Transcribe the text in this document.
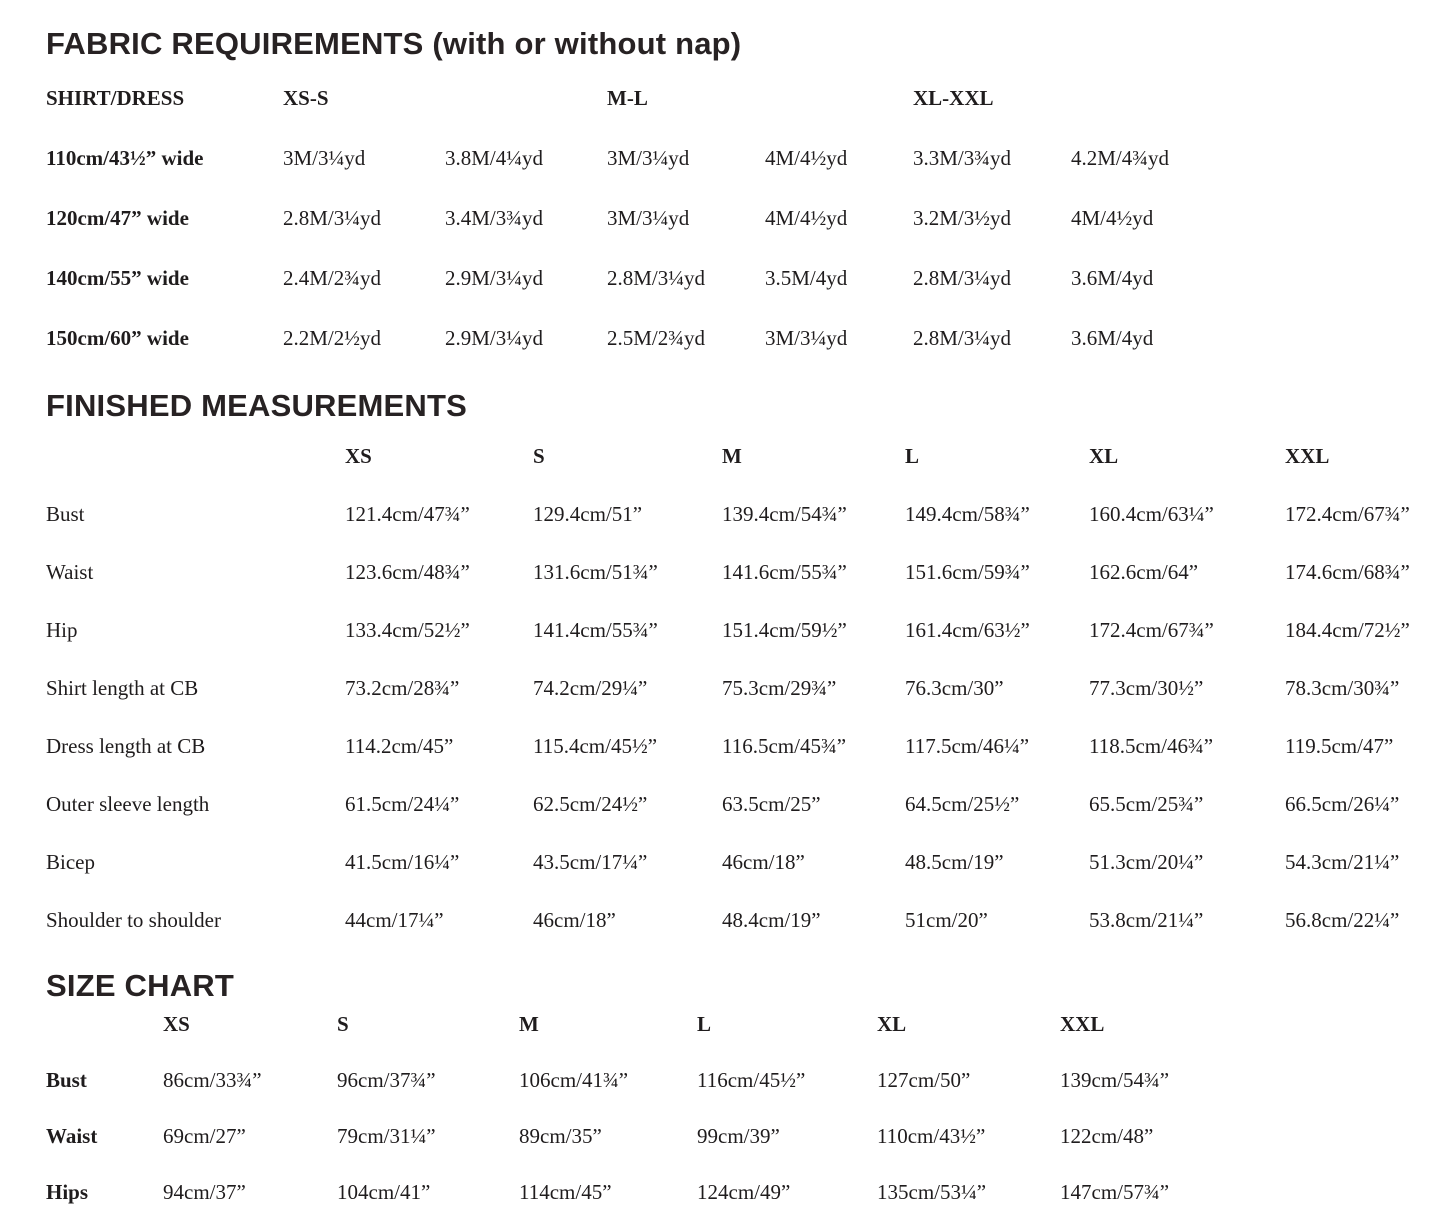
FABRIC REQUIREMENTS (with or without nap)
SHIRT/DRESS	XS-S	M-L	XL-XXL
110cm/43½” wide	3M/3¼yd	3.8M/4¼yd	3M/3¼yd	4M/4½yd	3.3M/3¾yd	4.2M/4¾yd
120cm/47” wide	2.8M/3¼yd	3.4M/3¾yd	3M/3¼yd	4M/4½yd	3.2M/3½yd	4M/4½yd
140cm/55” wide	2.4M/2¾yd	2.9M/3¼yd	2.8M/3¼yd	3.5M/4yd	2.8M/3¼yd	3.6M/4yd
150cm/60” wide	2.2M/2½yd	2.9M/3¼yd	2.5M/2¾yd	3M/3¼yd	2.8M/3¼yd	3.6M/4yd
FINISHED MEASUREMENTS
XS	S	M	L	XL	XXL
Bust	121.4cm/47¾”	129.4cm/51”	139.4cm/54¾”	149.4cm/58¾”	160.4cm/63¼”	172.4cm/67¾”
Waist	123.6cm/48¾”	131.6cm/51¾”	141.6cm/55¾”	151.6cm/59¾”	162.6cm/64”	174.6cm/68¾”
Hip	133.4cm/52½”	141.4cm/55¾”	151.4cm/59½”	161.4cm/63½”	172.4cm/67¾”	184.4cm/72½”
Shirt length at CB	73.2cm/28¾”	74.2cm/29¼”	75.3cm/29¾”	76.3cm/30”	77.3cm/30½”	78.3cm/30¾”
Dress length at CB	114.2cm/45”	115.4cm/45½”	116.5cm/45¾”	117.5cm/46¼”	118.5cm/46¾”	119.5cm/47”
Outer sleeve length	61.5cm/24¼”	62.5cm/24½”	63.5cm/25”	64.5cm/25½”	65.5cm/25¾”	66.5cm/26¼”
Bicep	41.5cm/16¼”	43.5cm/17¼”	46cm/18”	48.5cm/19”	51.3cm/20¼”	54.3cm/21¼”
Shoulder to shoulder	44cm/17¼”	46cm/18”	48.4cm/19”	51cm/20”	53.8cm/21¼”	56.8cm/22¼”
SIZE CHART
XS	S	M	L	XL	XXL
Bust	86cm/33¾”	96cm/37¾”	106cm/41¾”	116cm/45½”	127cm/50”	139cm/54¾”
Waist	69cm/27”	79cm/31¼”	89cm/35”	99cm/39”	110cm/43½”	122cm/48”
Hips	94cm/37”	104cm/41”	114cm/45”	124cm/49”	135cm/53¼”	147cm/57¾”
